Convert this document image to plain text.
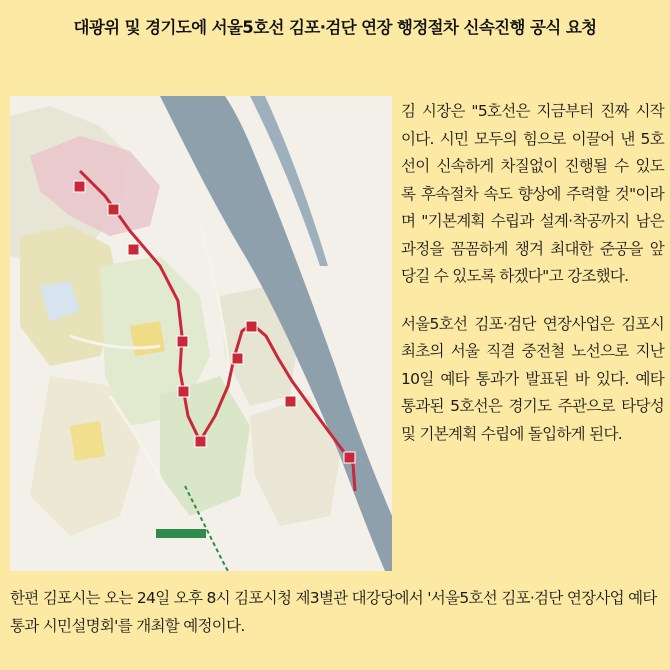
대광위 및 경기도에 서울5호선 김포·검단 연장 행정절차 신속진행 공식 요청

김 시장은 "5호선은 지금부터 진짜 시작이다. 시민 모두의 힘으로 이끌어 낸 5호선이 신속하게 차질없이 진행될 수 있도록 후속절차 속도 향상에 주력할 것"이라며 "기본계획 수립과 설계·착공까지 남은 과정을 꼼꼼하게 챙겨 최대한 준공을 앞당길 수 있도록 하겠다"고 강조했다.

서울5호선 김포·검단 연장사업은 김포시 최초의 서울 직결 중전철 노선으로 지난 10일 예타 통과가 발표된 바 있다. 예타 통과된 5호선은 경기도 주관으로 타당성 및 기본계획 수립에 돌입하게 된다.

한편 김포시는 오는 24일 오후 8시 김포시청 제3별관 대강당에서 '서울5호선 김포·검단 연장사업 예타 통과 시민설명회'를 개최할 예정이다.
